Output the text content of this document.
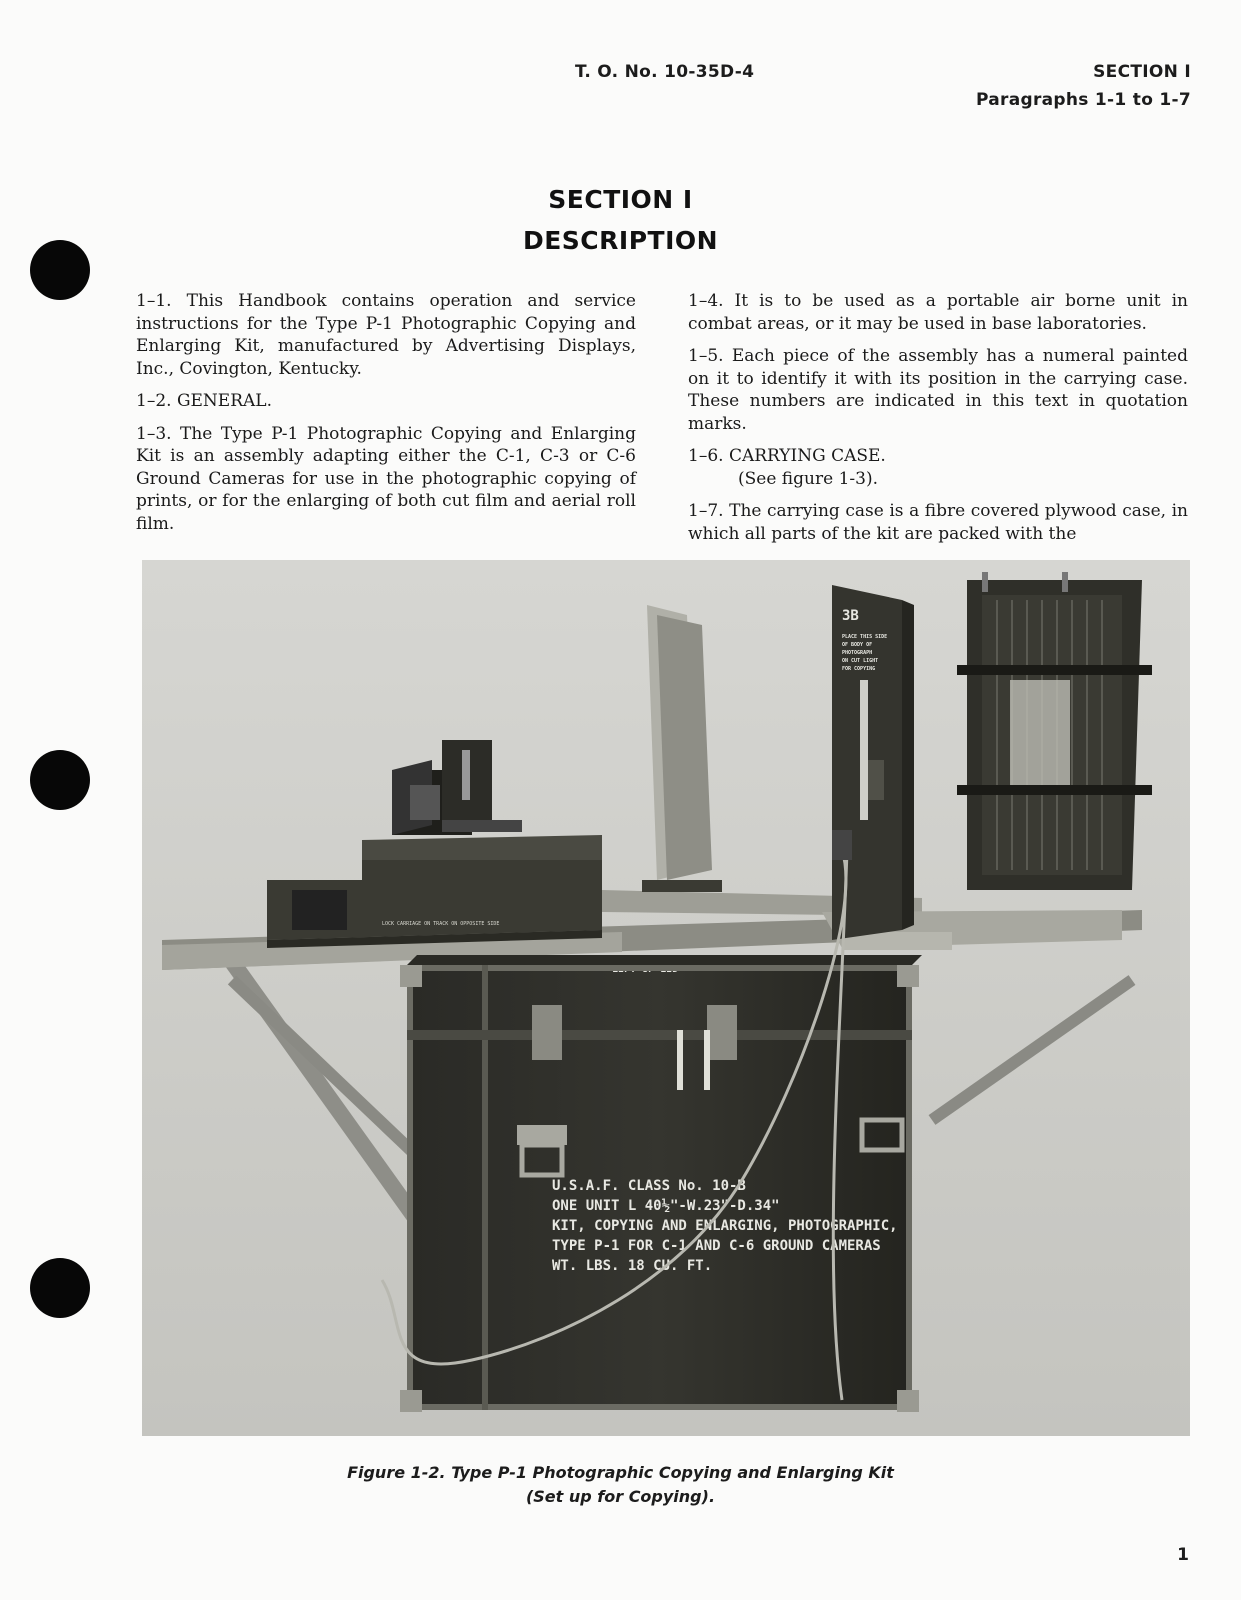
T. O. No. 10-35D-4	SECTION I
Paragraphs 1-1 to 1-7
SECTION I
DESCRIPTION

1–1. This Handbook contains operation and service instructions for the Type P-1 Photographic Copying and Enlarging Kit, manufactured by Advertising Displays, Inc., Covington, Kentucky.

1–2. GENERAL.

1–3. The Type P-1 Photographic Copying and Enlarging Kit is an assembly adapting either the C-1, C-3 or C-6 Ground Cameras for use in the photographic copying of prints, or for the enlarging of both cut film and aerial roll film.

1–4. It is to be used as a portable air borne unit in combat areas, or it may be used in base laboratories.

1–5. Each piece of the assembly has a numeral painted on it to identify it with its position in the carrying case. These numbers are indicated in this text in quotation marks.

1–6. CARRYING CASE.

(See figure 1-3).

1–7. The carrying case is a fibre covered plywood case, in which all parts of the kit are packed with the

LOCK CARRIAGE ON TRACK ON OPPOSITE SIDE
3B
PLACE THIS SIDE
OF BODY OF
PHOTOGRAPH
ON CUT LIGHT
FOR COPYING
U.S.A.F. CLASS No. 10-B
ONE UNIT L 40½"-W.23"-D.34"
KIT, COPYING AND ENLARGING, PHOTOGRAPHIC,
TYPE P-1 FOR C-1 AND C-6 GROUND CAMERAS
WT. LBS. 18 CU. FT.
Figure 1-2. Type P-1 Photographic Copying and Enlarging Kit
(Set up for Copying).
1
